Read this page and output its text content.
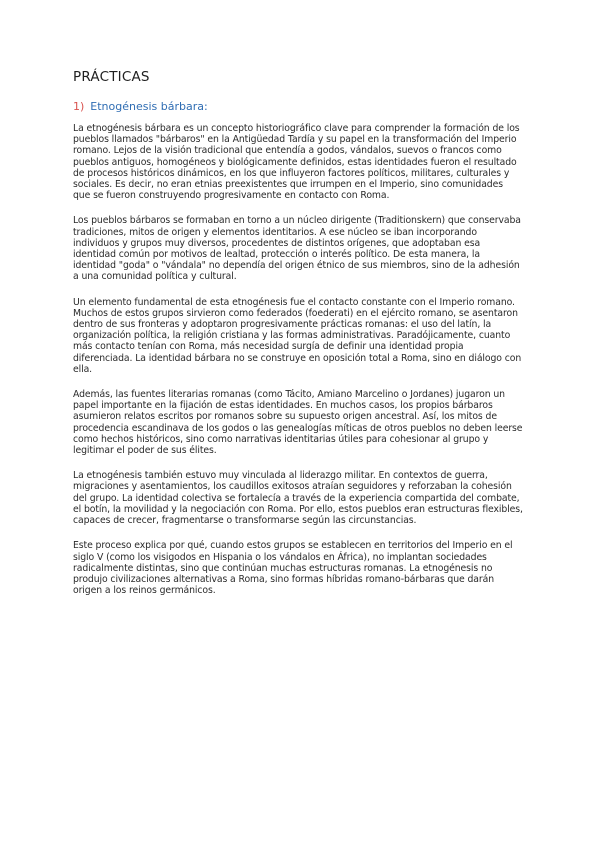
PRÁCTICAS
1) Etnogénesis bárbara:

La etnogénesis bárbara es un concepto historiográfico clave para comprender la formación de los pueblos llamados "bárbaros" en la Antigüedad Tardía y su papel en la transformación del Imperio romano. Lejos de la visión tradicional que entendía a godos, vándalos, suevos o francos como pueblos antiguos, homogéneos y biológicamente definidos, estas identidades fueron el resultado de procesos históricos dinámicos, en los que influyeron factores políticos, militares, culturales y sociales. Es decir, no eran etnias preexistentes que irrumpen en el Imperio, sino comunidades que se fueron construyendo progresivamente en contacto con Roma.

Los pueblos bárbaros se formaban en torno a un núcleo dirigente (Traditionskern) que conservaba tradiciones, mitos de origen y elementos identitarios. A ese núcleo se iban incorporando individuos y grupos muy diversos, procedentes de distintos orígenes, que adoptaban esa identidad común por motivos de lealtad, protección o interés político. De esta manera, la identidad "goda" o "vándala" no dependía del origen étnico de sus miembros, sino de la adhesión a una comunidad política y cultural.

Un elemento fundamental de esta etnogénesis fue el contacto constante con el Imperio romano. Muchos de estos grupos sirvieron como federados (foederati) en el ejército romano, se asentaron dentro de sus fronteras y adoptaron progresivamente prácticas romanas: el uso del latín, la organización política, la religión cristiana y las formas administrativas. Paradójicamente, cuanto más contacto tenían con Roma, más necesidad surgía de definir una identidad propia diferenciada. La identidad bárbara no se construye en oposición total a Roma, sino en diálogo con ella.

Además, las fuentes literarias romanas (como Tácito, Amiano Marcelino o Jordanes) jugaron un papel importante en la fijación de estas identidades. En muchos casos, los propios bárbaros asumieron relatos escritos por romanos sobre su supuesto origen ancestral. Así, los mitos de procedencia escandinava de los godos o las genealogías míticas de otros pueblos no deben leerse como hechos históricos, sino como narrativas identitarias útiles para cohesionar al grupo y legitimar el poder de sus élites.

La etnogénesis también estuvo muy vinculada al liderazgo militar. En contextos de guerra, migraciones y asentamientos, los caudillos exitosos atraían seguidores y reforzaban la cohesión del grupo. La identidad colectiva se fortalecía a través de la experiencia compartida del combate, el botín, la movilidad y la negociación con Roma. Por ello, estos pueblos eran estructuras flexibles, capaces de crecer, fragmentarse o transformarse según las circunstancias.

Este proceso explica por qué, cuando estos grupos se establecen en territorios del Imperio en el siglo V (como los visigodos en Hispania o los vándalos en África), no implantan sociedades radicalmente distintas, sino que continúan muchas estructuras romanas. La etnogénesis no produjo civilizaciones alternativas a Roma, sino formas híbridas romano-bárbaras que darán origen a los reinos germánicos.
